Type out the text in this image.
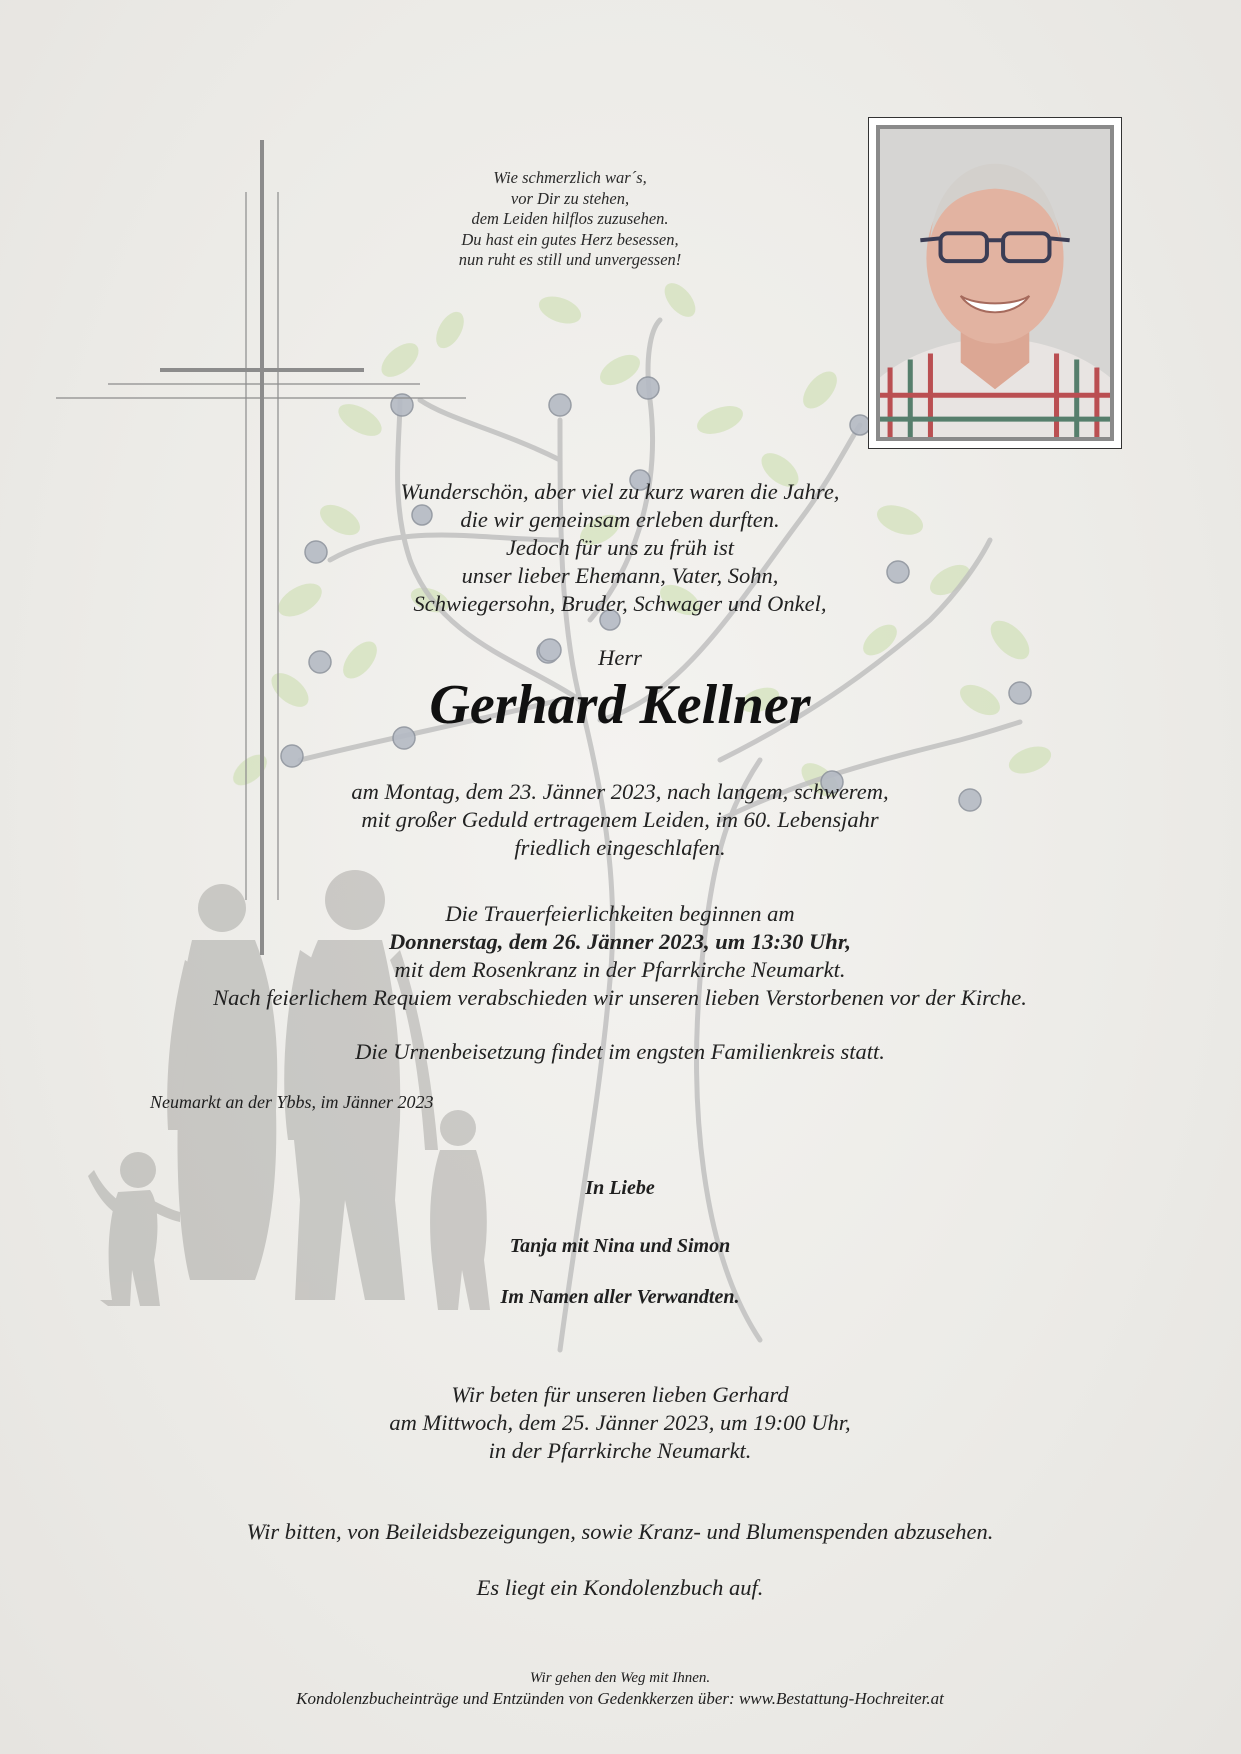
Wie schmerzlich war´s,
vor Dir zu stehen,
dem Leiden hilflos zuzusehen.
Du hast ein gutes Herz besessen,
nun ruht es still und unvergessen!
Wunderschön, aber viel zu kurz waren die Jahre,
die wir gemeinsam erleben durften.
Jedoch für uns zu früh ist
unser lieber Ehemann, Vater, Sohn,
Schwiegersohn, Bruder, Schwager und Onkel,
Herr
Gerhard Kellner
am Montag, dem 23. Jänner 2023, nach langem, schwerem,
mit großer Geduld ertragenem Leiden, im 60. Lebensjahr
friedlich eingeschlafen.
Die Trauerfeierlichkeiten beginnen am
Donnerstag, dem 26. Jänner 2023, um 13:30 Uhr,
mit dem Rosenkranz in der Pfarrkirche Neumarkt.
Nach feierlichem Requiem verabschieden wir unseren lieben Verstorbenen vor der Kirche.
Die Urnenbeisetzung findet im engsten Familienkreis statt.
Neumarkt an der Ybbs, im Jänner 2023
In Liebe
Tanja mit Nina und Simon
Im Namen aller Verwandten.
Wir beten für unseren lieben Gerhard
am Mittwoch, dem 25. Jänner 2023, um 19:00 Uhr,
in der Pfarrkirche Neumarkt.
Wir bitten, von Beileidsbezeigungen, sowie Kranz- und Blumenspenden abzusehen.
Es liegt ein Kondolenzbuch auf.
Wir gehen den Weg mit Ihnen.
Kondolenzbucheinträge und Entzünden von Gedenkkerzen über: www.Bestattung-Hochreiter.at
